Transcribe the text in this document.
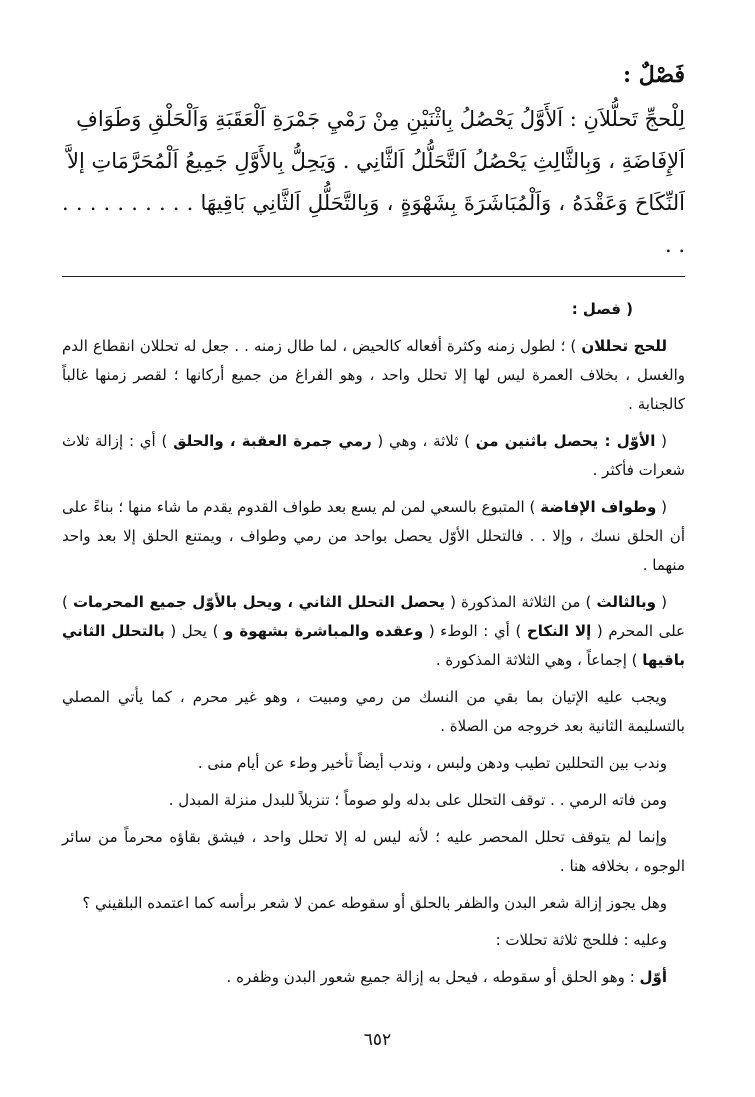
فَصْلٌ :

لِلْحجِّ تَحلُّلاَنِ : اَلأَوَّلُ يَحْصُلُ بِاثْنَيْنِ مِنْ رَمْيِ جَمْرَةِ اَلْعَقَبَةِ وَاَلْحَلْقِ وَطَوَافِ

اَلإِفَاضَةِ ، وَبِالثَّالِثِ يَحْصُلُ اَلتَّحَلُّلُ اَلثَّانِي . وَيَحِلُّ بِالأَوَّلِ جَمِيعُ اَلْمُحَرَّمَاتِ إلاَّ

اَلنِّكَاحَ وَعَقْدَهُ ، وَاَلْمُبَاشَرَةَ بِشَهْوَةٍ ، وَبِالتَّحَلُّلِ اَلثَّانِي بَاقِيهَا . . . . . . . . . . . .

( فصل :

للحج تحللان ) ؛ لطول زمنه وكثرة أفعاله كالحيض ، لما طال زمنه . . جعل له تحللان انقطاع الدم والغسل ، بخلاف العمرة ليس لها إلا تحلل واحد ، وهو الفراغ من جميع أركانها ؛ لقصر زمنها غالباً كالجنابة .

( الأوّل : يحصل باثنين من ) ثلاثة ، وهي ( رمي جمرة العقبة ، والحلق ) أي : إزالة ثلاث شعرات فأكثر .

( وطواف الإفاضة ) المتبوع بالسعي لمن لم يسع بعد طواف القدوم يقدم ما شاء منها ؛ بناءً على أن الحلق نسك ، وإلا . . فالتحلل الأوّل يحصل بواحد من رمي وطواف ، ويمتنع الحلق إلا بعد واحد منهما .

( وبالثالث ) من الثلاثة المذكورة ( يحصل التحلل الثاني ، ويحل بالأوّل جميع المحرمات ) على المحرم ( إلا النكاح ) أي : الوطء ( وعقده والمباشرة بشهوة و ) يحل ( بالتحلل الثاني باقيها ) إجماعاً ، وهي الثلاثة المذكورة .

ويجب عليه الإتيان بما بقي من النسك من رمي ومبيت ، وهو غير محرم ، كما يأتي المصلي بالتسليمة الثانية بعد خروجه من الصلاة .

وندب بين التحللين تطيب ودهن ولبس ، وندب أيضاً تأخير وطء عن أيام منى .

ومن فاته الرمي . . توقف التحلل على بدله ولو صوماً ؛ تنزيلاً للبدل منزلة المبدل .

وإنما لم يتوقف تحلل المحصر عليه ؛ لأنه ليس له إلا تحلل واحد ، فيشق بقاؤه محرماً من سائر الوجوه ، بخلافه هنا .

وهل يجوز إزالة شعر البدن والظفر بالحلق أو سقوطه عمن لا شعر برأسه كما اعتمده البلقيني ؟

وعليه : فللحج ثلاثة تحللات :

أوّل : وهو الحلق أو سقوطه ، فيحل به إزالة جميع شعور البدن وظفره .

٦٥٢
